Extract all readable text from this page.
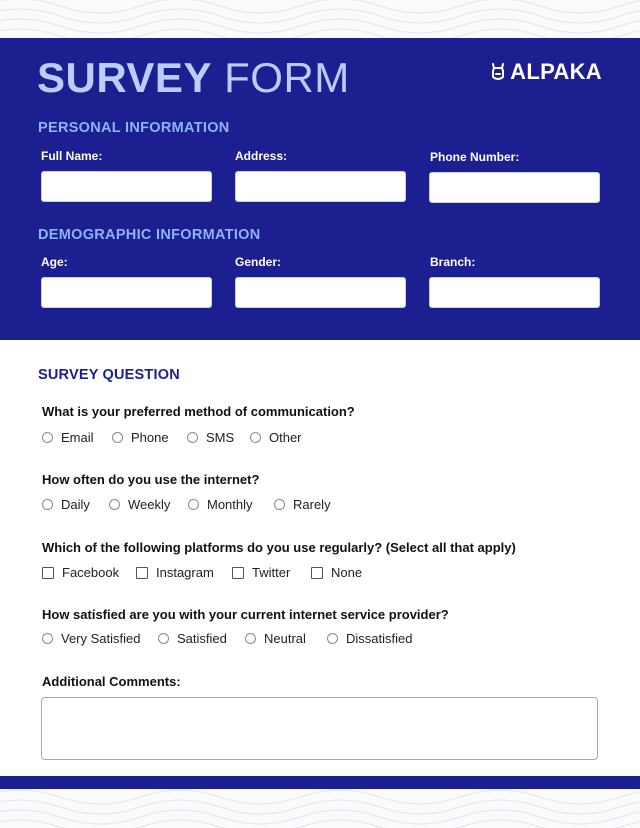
SURVEY FORM	ALPAKA
PERSONAL INFORMATION
Full Name:	Address:	Phone Number:
DEMOGRAPHIC INFORMATION
Age:	Gender:	Branch:
SURVEY QUESTION
What is your preferred method of communication?
Email	Phone	SMS	Other
How often do you use the internet?
Daily	Weekly	Monthly	Rarely
Which of the following platforms do you use regularly? (Select all that apply)
Facebook	Instagram	Twitter	None
How satisfied are you with your current internet service provider?
Very Satisfied	Satisfied	Neutral	Dissatisfied
Additional Comments:
